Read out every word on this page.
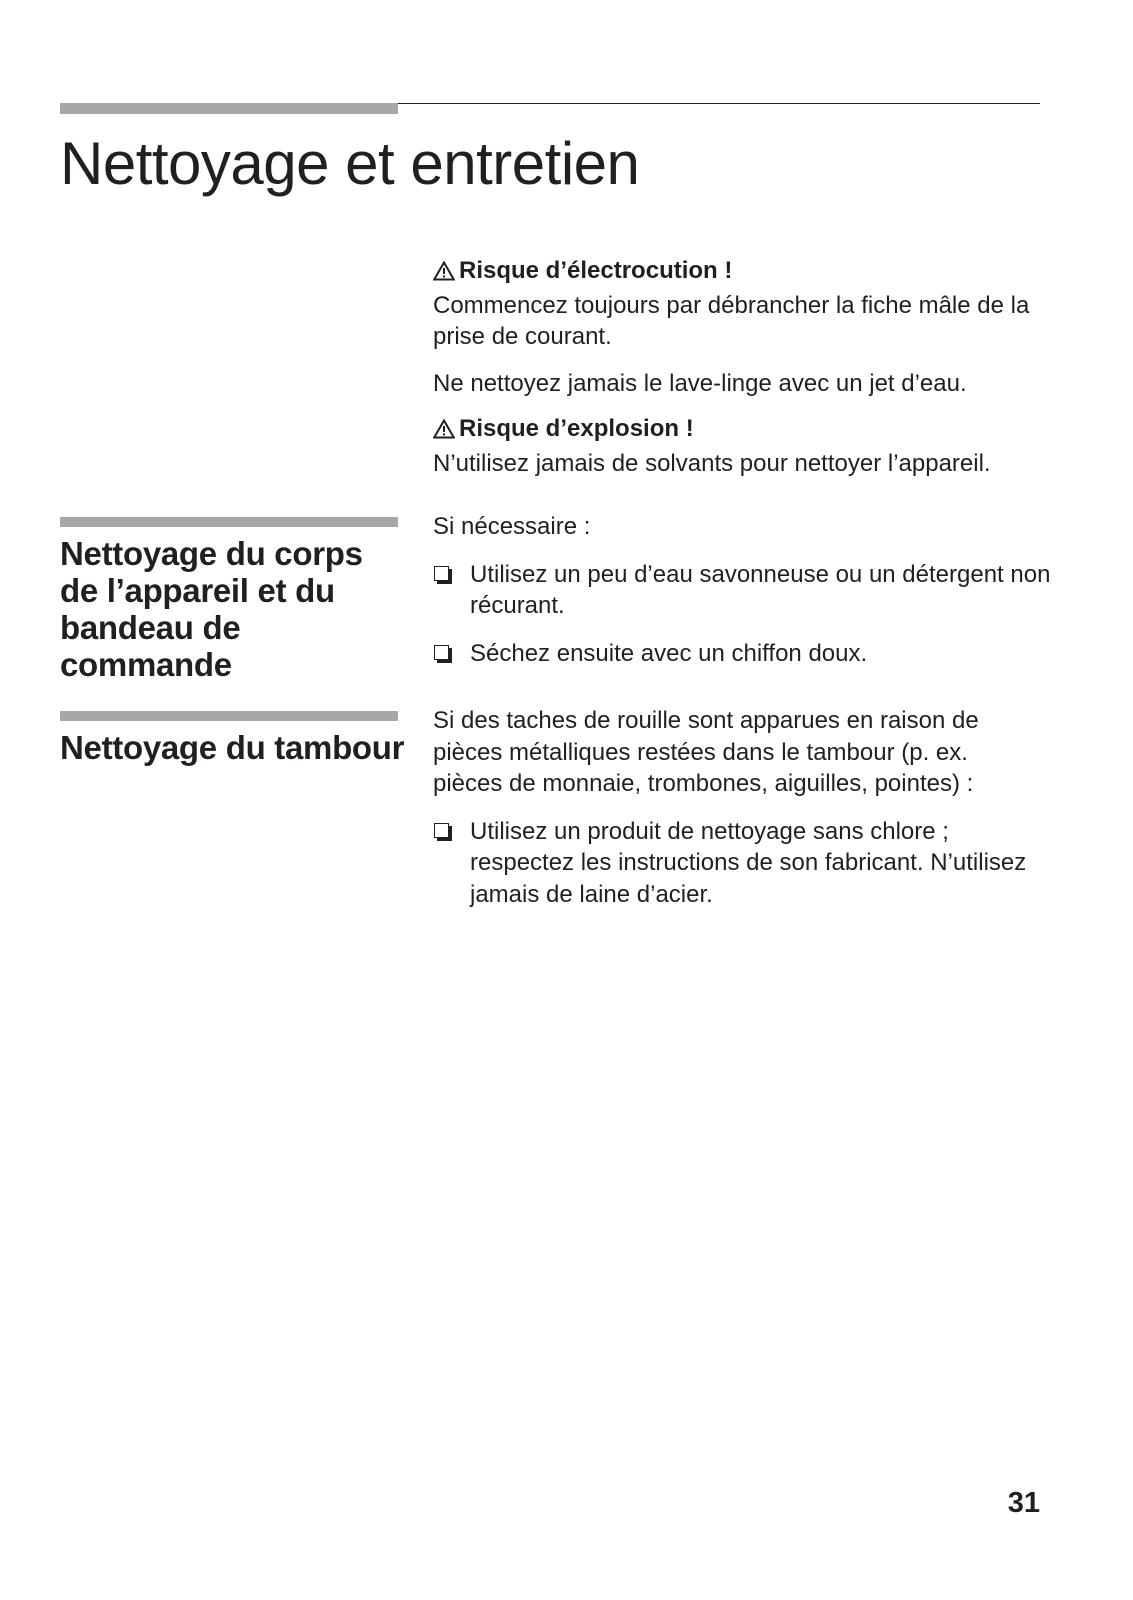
Nettoyage et entretien
Risque d’électrocution !

Commencez toujours par débrancher la fiche mâle de la prise de courant.

Ne nettoyez jamais le lave-linge avec un jet d’eau.

Risque d’explosion !

N’utilisez jamais de solvants pour nettoyer l’appareil.

Nettoyage du corps de l’appareil et du bandeau de commande

Si nécessaire :

Utilisez un peu d’eau savonneuse ou un détergent non récurant.
Séchez ensuite avec un chiffon doux.
Nettoyage du tambour

Si des taches de rouille sont apparues en raison de pièces métalliques restées dans le tambour (p. ex. pièces de monnaie, trombones, aiguilles, pointes) :

Utilisez un produit de nettoyage sans chlore ; respectez les instructions de son fabricant. N’utilisez jamais de laine d’acier.
31
